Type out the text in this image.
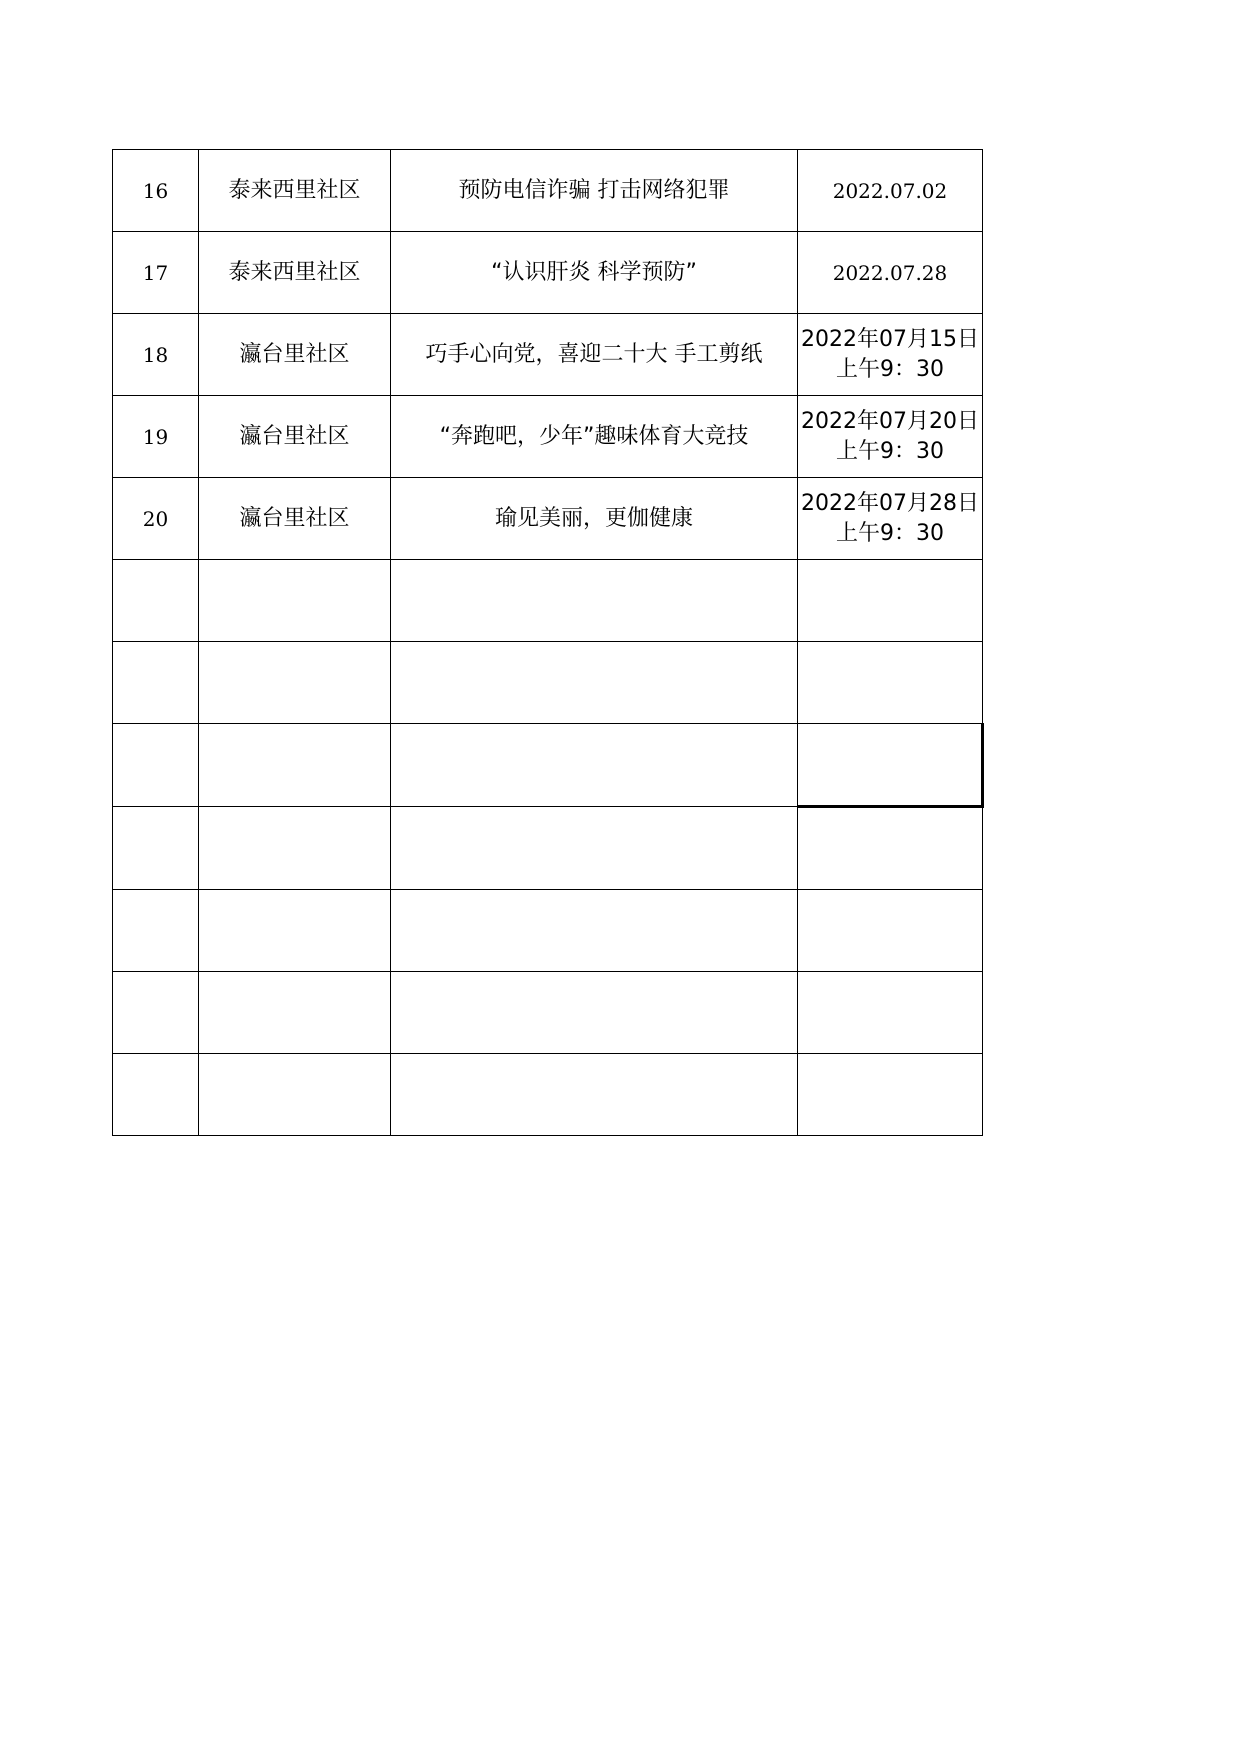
16	泰来西里社区	预防电信诈骗 打击网络犯罪	2022.07.02

17	泰来西里社区	“认识肝炎 科学预防”	2022.07.28

18	瀛台里社区	巧手心向党，喜迎二十大 手工剪纸	2022年07月15日
上午9：30

19	瀛台里社区	“奔跑吧，少年”趣味体育大竞技	2022年07月20日
上午9：30

20	瀛台里社区	瑜见美丽，更伽健康	2022年07月28日
上午9：30
